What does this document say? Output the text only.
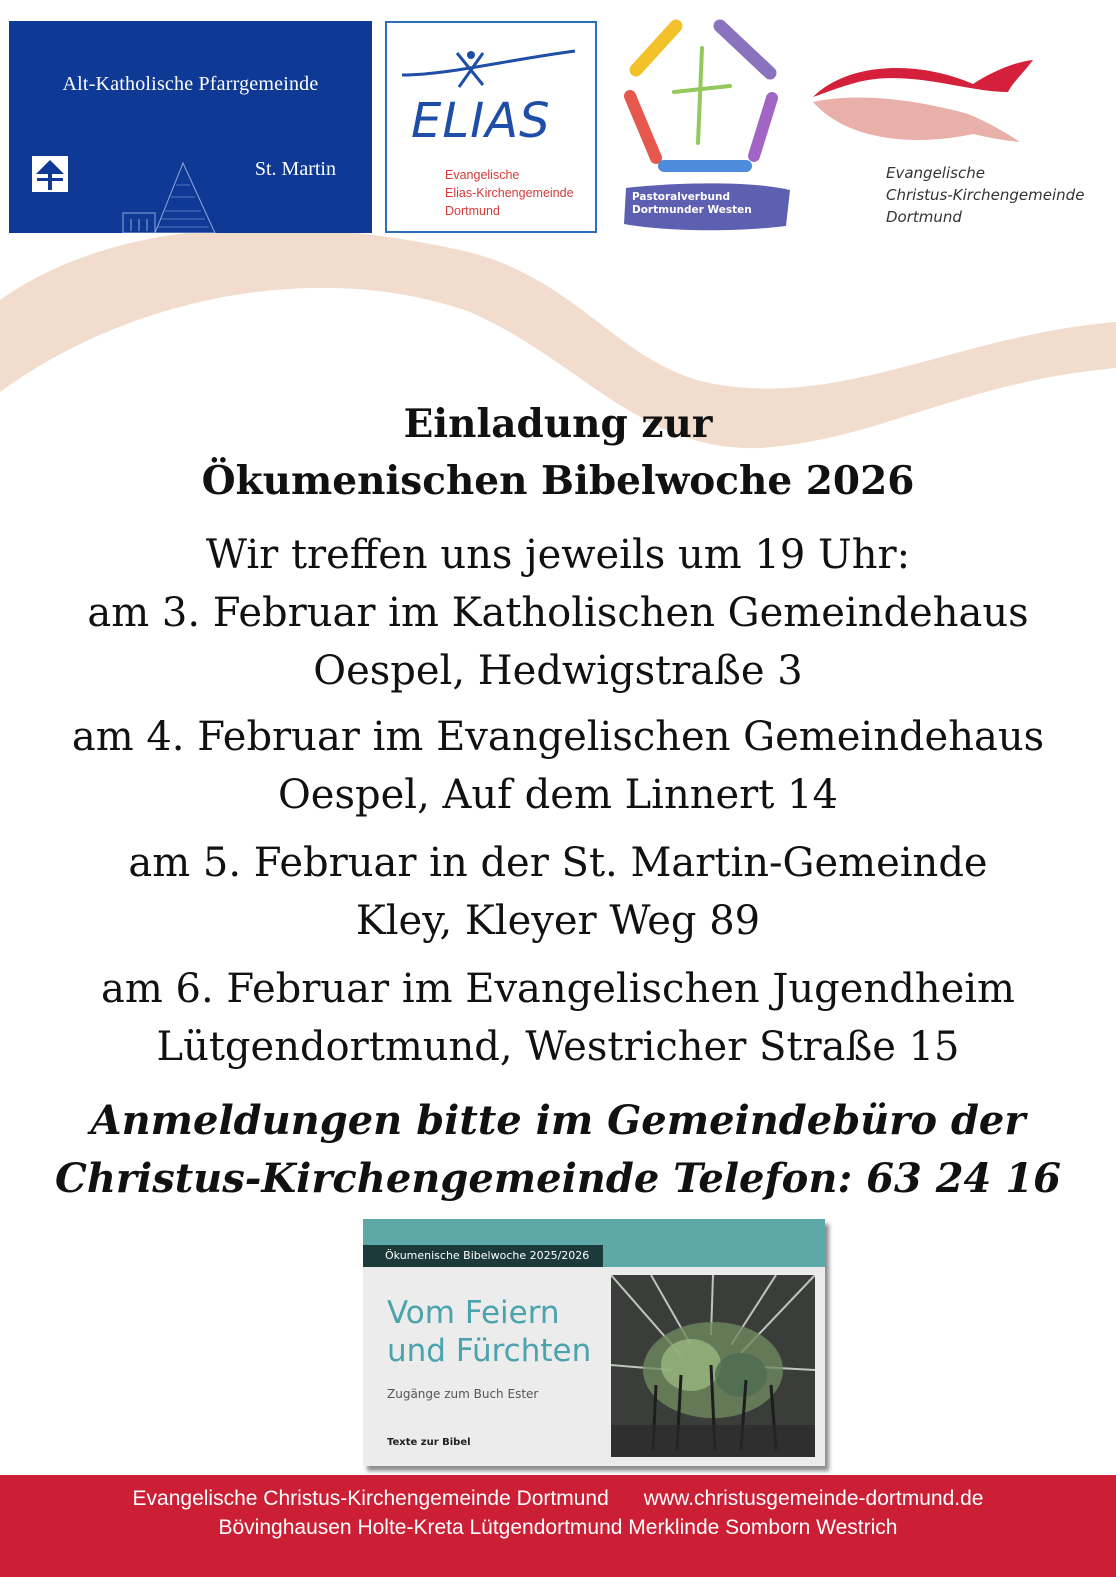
Alt-Katholische Pfarrgemeinde
St. Martin
ELIAS
Evangelische
Elias-Kirchengemeinde
Dortmund
Pastoralverbund
Dortmunder Westen
Evangelische
Christus-Kirchengemeinde
Dortmund
Einladung zur
Ökumenischen Bibelwoche 2026
Wir treffen uns jeweils um 19 Uhr:
am 3. Februar im Katholischen Gemeindehaus
Oespel, Hedwigstraße 3
am 4. Februar im Evangelischen Gemeindehaus
Oespel, Auf dem Linnert 14
am 5. Februar in der St. Martin-Gemeinde
Kley, Kleyer Weg 89
am 6. Februar im Evangelischen Jugendheim
Lütgendortmund, Westricher Straße 15
Anmeldungen bitte im Gemeindebüro der
Christus-Kirchengemeinde Telefon: 63 24 16
Ökumenische Bibelwoche 2025/2026
Vom Feiern
und Fürchten
Zugänge zum Buch Ester
Texte zur Bibel
Evangelische Christus-Kirchengemeinde Dortmund      www.christusgemeinde-dortmund.de
Bövinghausen Holte-Kreta Lütgendortmund Merklinde Somborn Westrich
